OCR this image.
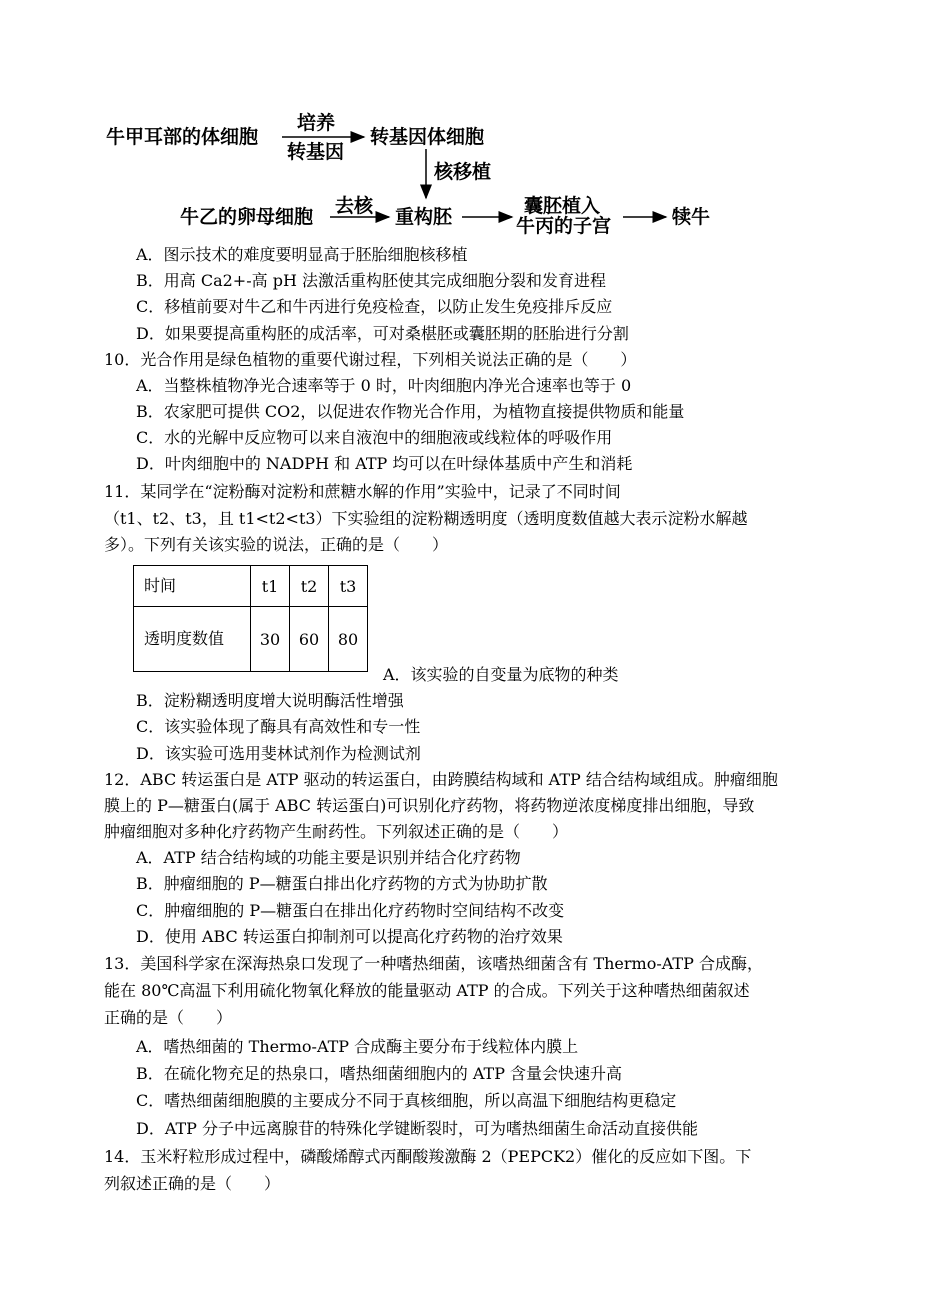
牛甲耳部的体细胞
培养
转基因
转基因体细胞
核移植
牛乙的卵母细胞 去核 重构胚	囊胚植入
牛丙的子宫	犊牛
A．图示技术的难度要明显高于胚胎细胞核移植
B．用高 Ca2+-高 pH 法激活重构胚使其完成细胞分裂和发育进程
C．移植前要对牛乙和牛丙进行免疫检查，以防止发生免疫排斥反应
D．如果要提高重构胚的成活率，可对桑椹胚或囊胚期的胚胎进行分割
10．光合作用是绿色植物的重要代谢过程，下列相关说法正确的是（　　）
A．当整株植物净光合速率等于 0 时，叶肉细胞内净光合速率也等于 0
B．农家肥可提供 CO2，以促进农作物光合作用，为植物直接提供物质和能量
C．水的光解中反应物可以来自液泡中的细胞液或线粒体的呼吸作用
D．叶肉细胞中的 NADPH 和 ATP 均可以在叶绿体基质中产生和消耗
11．某同学在“淀粉酶对淀粉和蔗糖水解的作用”实验中，记录了不同时间
（t1、t2、t3，且 t1<t2<t3）下实验组的淀粉糊透明度（透明度数值越大表示淀粉水解越
多）。下列有关该实验的说法，正确的是（　　）
时间	t1	t2	t3
透明度数值	30	60	80
A．该实验的自变量为底物的种类
B．淀粉糊透明度增大说明酶活性增强
C．该实验体现了酶具有高效性和专一性
D．该实验可选用斐林试剂作为检测试剂
12．ABC 转运蛋白是 ATP 驱动的转运蛋白，由跨膜结构域和 ATP 结合结构域组成。肿瘤细胞
膜上的 P—糖蛋白(属于 ABC 转运蛋白)可识别化疗药物，将药物逆浓度梯度排出细胞，导致
肿瘤细胞对多种化疗药物产生耐药性。下列叙述正确的是（　　）
A．ATP 结合结构域的功能主要是识别并结合化疗药物
B．肿瘤细胞的 P—糖蛋白排出化疗药物的方式为协助扩散
C．肿瘤细胞的 P—糖蛋白在排出化疗药物时空间结构不改变
D．使用 ABC 转运蛋白抑制剂可以提高化疗药物的治疗效果
13．美国科学家在深海热泉口发现了一种嗜热细菌，该嗜热细菌含有 Thermo-ATP 合成酶，
能在 80℃高温下利用硫化物氧化释放的能量驱动 ATP 的合成。下列关于这种嗜热细菌叙述
正确的是（　　）
A．嗜热细菌的 Thermo-ATP 合成酶主要分布于线粒体内膜上
B．在硫化物充足的热泉口，嗜热细菌细胞内的 ATP 含量会快速升高
C．嗜热细菌细胞膜的主要成分不同于真核细胞，所以高温下细胞结构更稳定
D．ATP 分子中远离腺苷的特殊化学键断裂时，可为嗜热细菌生命活动直接供能
14．玉米籽粒形成过程中，磷酸烯醇式丙酮酸羧激酶 2（PEPCK2）催化的反应如下图。下
列叙述正确的是（　　）
